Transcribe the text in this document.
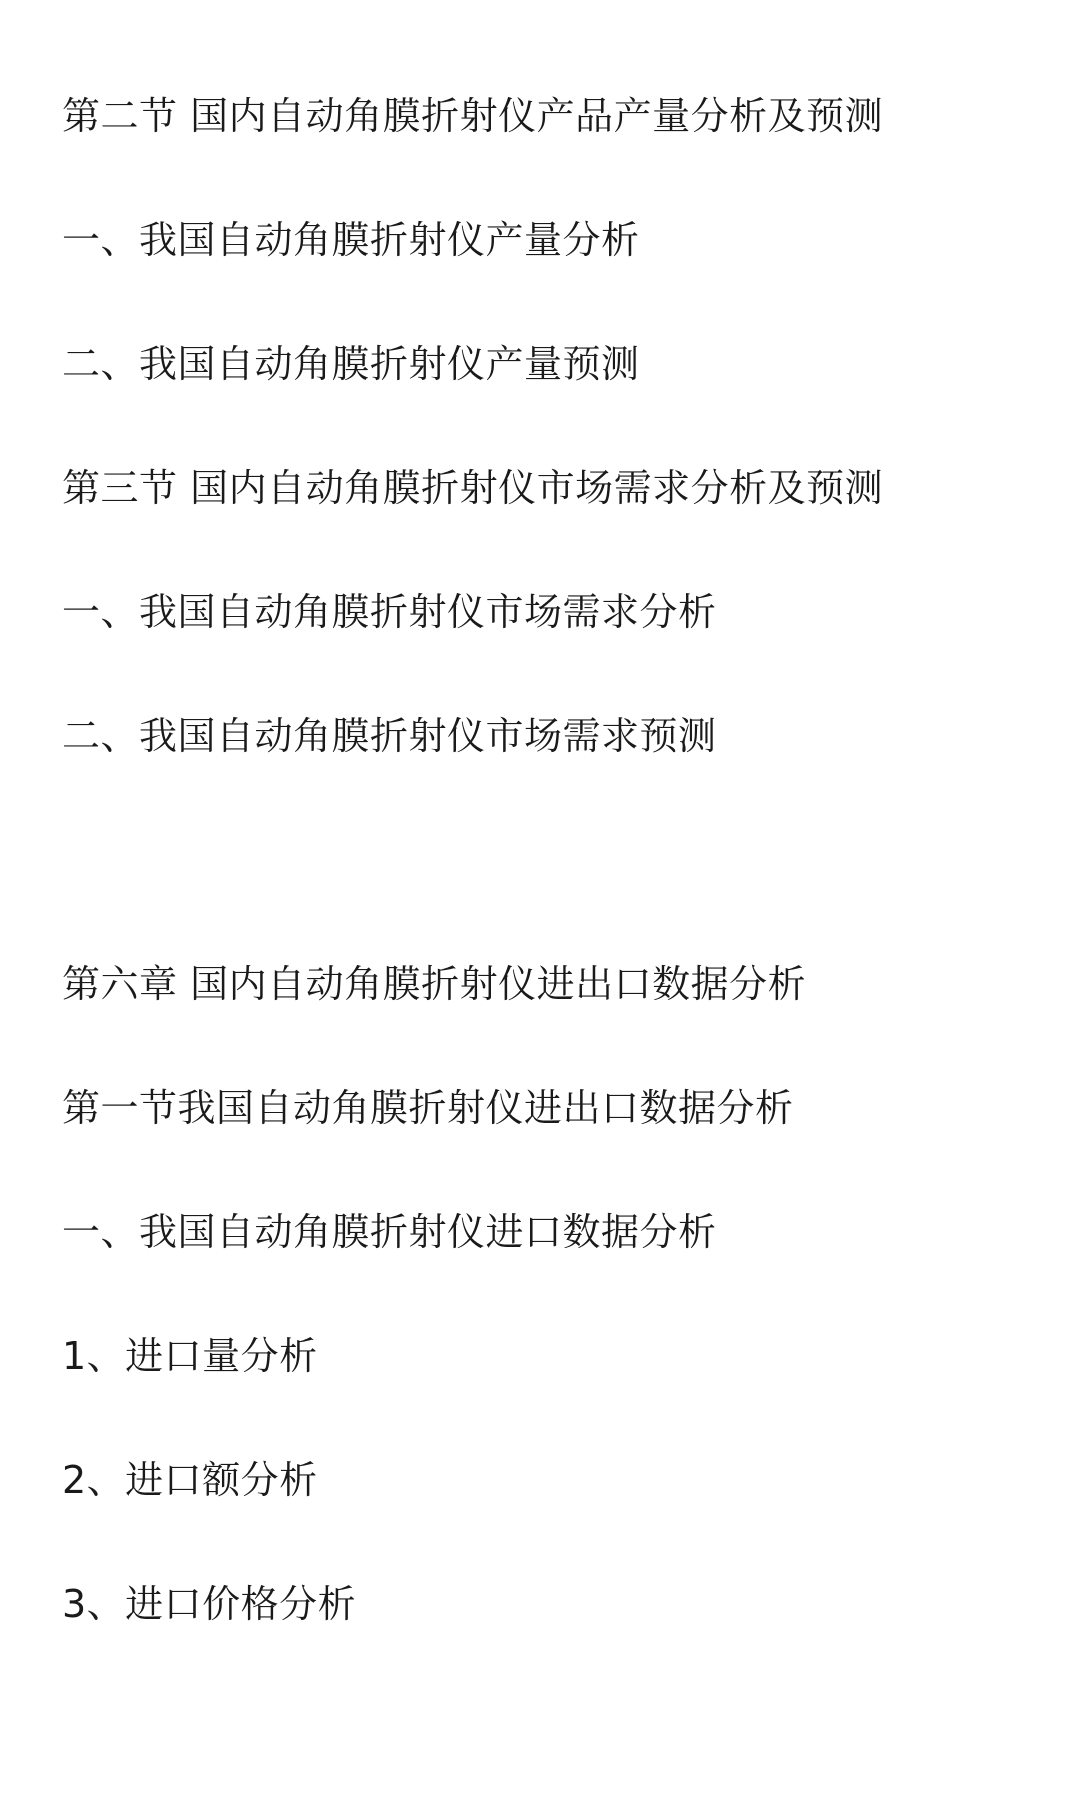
第二节 国内自动角膜折射仪产品产量分析及预测

一、我国自动角膜折射仪产量分析

二、我国自动角膜折射仪产量预测

第三节 国内自动角膜折射仪市场需求分析及预测

一、我国自动角膜折射仪市场需求分析

二、我国自动角膜折射仪市场需求预测

第六章 国内自动角膜折射仪进出口数据分析

第一节我国自动角膜折射仪进出口数据分析

一、我国自动角膜折射仪进口数据分析

1、进口量分析

2、进口额分析

3、进口价格分析
